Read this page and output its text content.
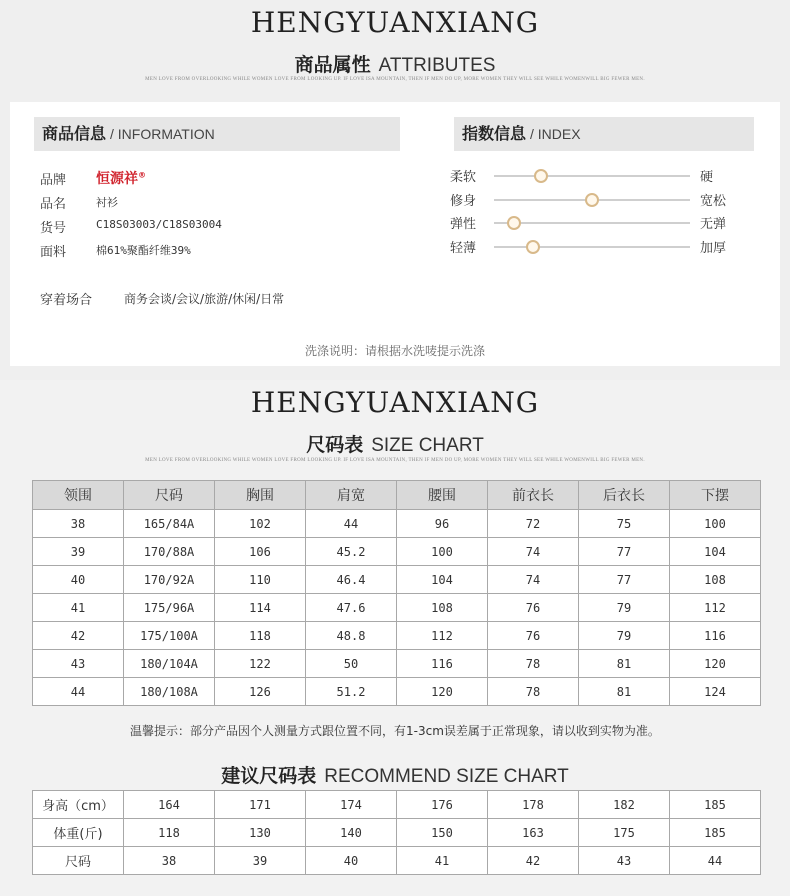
HENGYUANXIANG
商品属性 ATTRIBUTES
MEN LOVE FROM OVERLOOKING WHILE WOMEN LOVE FROM LOOKING UP. IF LOVE ISA MOUNTAIN, THEN IF MEN DO UP, MORE WOMEN THEY WILL SEE WHILE WOMENWILL BIG FEWER MEN.
商品信息 / INFORMATION
品牌	恒源祥®
品名	衬衫
货号	C18S03003/C18S03004
面料	棉61%聚酯纤维39%
穿着场合	商务会谈/会议/旅游/休闲/日常
指数信息 / INDEX
洗涤说明：请根据水洗唛提示洗涤
柔软	硬
修身	宽松
弹性	无弹
轻薄	加厚
HENGYUANXIANG
尺码表 SIZE CHART
MEN LOVE FROM OVERLOOKING WHILE WOMEN LOVE FROM LOOKING UP. IF LOVE ISA MOUNTAIN, THEN IF MEN DO UP, MORE WOMEN THEY WILL SEE WHILE WOMENWILL BIG FEWER MEN.
领围	尺码	胸围	肩宽	腰围	前衣长	后衣长	下摆
38	165/84A	102	44	96	72	75	100
39	170/88A	106	45.2	100	74	77	104
40	170/92A	110	46.4	104	74	77	108
41	175/96A	114	47.6	108	76	79	112
42	175/100A	118	48.8	112	76	79	116
43	180/104A	122	50	116	78	81	120
44	180/108A	126	51.2	120	78	81	124
温馨提示：部分产品因个人测量方式跟位置不同，有1-3cm误差属于正常现象，请以收到实物为准。
建议尺码表 RECOMMEND SIZE CHART
身高（cm）	164	171	174	176	178	182	185
体重(斤)	118	130	140	150	163	175	185
尺码	38	39	40	41	42	43	44
